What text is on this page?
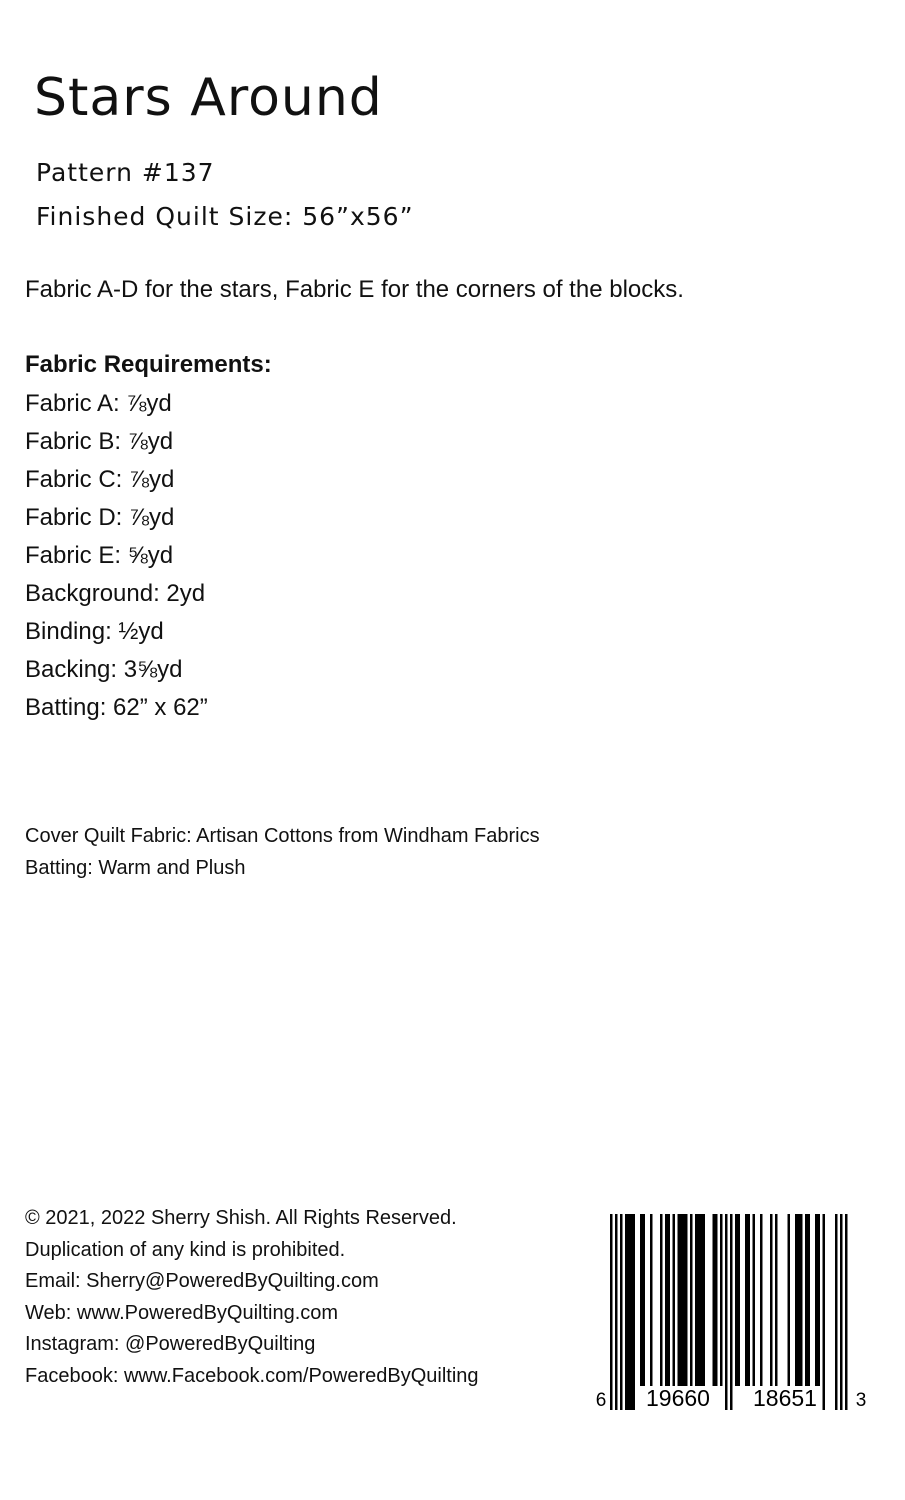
Stars Around
Pattern #137
Finished Quilt Size: 56”x56”
Fabric A-D for the stars, Fabric E for the corners of the blocks.
Fabric Requirements:
Fabric A: ⅞yd
Fabric B: ⅞yd
Fabric C: ⅞yd
Fabric D: ⅞yd
Fabric E: ⅝yd
Background: 2yd
Binding: ½yd
Backing: 3⅝yd
Batting: 62” x 62”
Cover Quilt Fabric: Artisan Cottons from Windham Fabrics
Batting: Warm and Plush
© 2021, 2022 Sherry Shish. All Rights Reserved.
Duplication of any kind is prohibited.
Email: Sherry@PoweredByQuilting.com
Web: www.PoweredByQuilting.com
Instagram: @PoweredByQuilting
Facebook: www.Facebook.com/PoweredByQuilting
6 19660 18651 3
